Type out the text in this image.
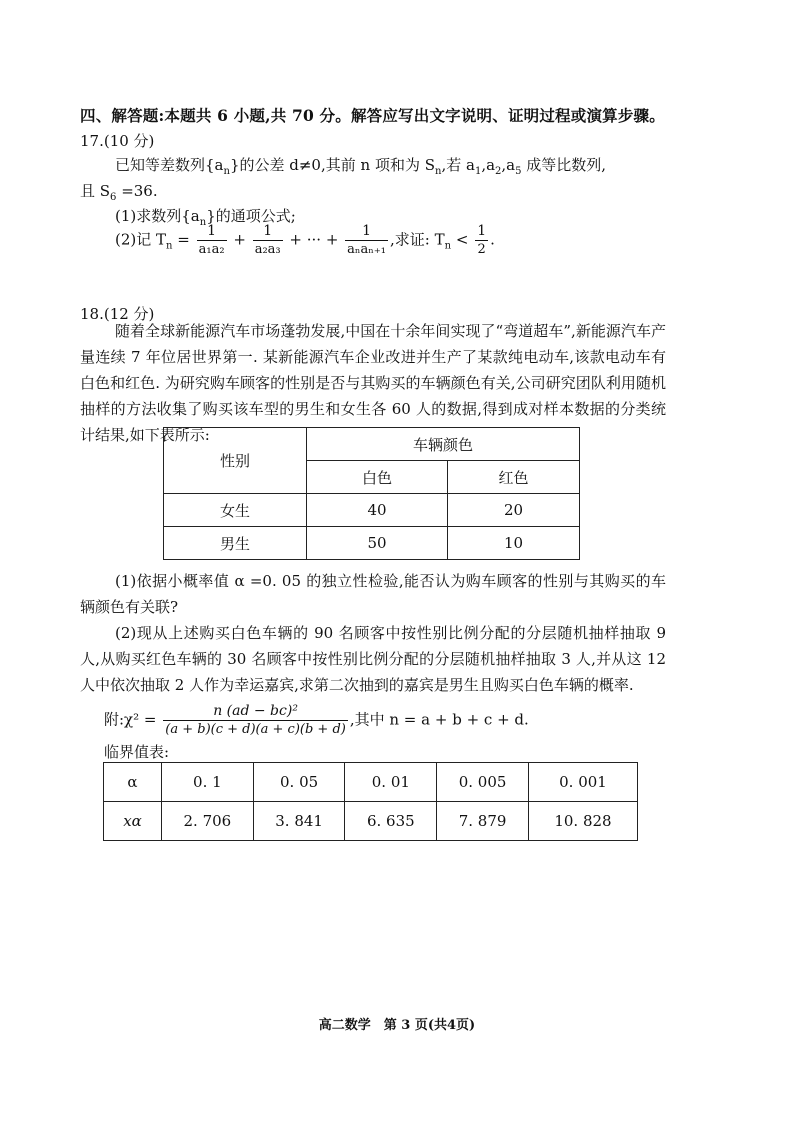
四、解答题:本题共 6 小题,共 70 分。解答应写出文字说明、证明过程或演算步骤。
17.(10 分)
已知等差数列$\{a_n\}$的公差 d≠0,其前 n 项和为 $S_n$,若 $a_1,a_2,a_5$ 成等比数列,
且 $S_6 =36$.
(1)求数列$\{a_n\}$的通项公式;
(2)记 $T_n = \frac{1}{\text{a₁a₂}} + \frac{1}{\text{a₂a₃}}$ + ··· + $\frac{1}{\text{aₙaₙ₊₁}}$ ,求证: $T_n < \frac{1}{2}$ .
18.(12 分)
随着全球新能源汽车市场蓬勃发展,中国在十余年间实现了“弯道超车”,新能源汽车产量连续 7 年位居世界第一. 某新能源汽车企业改进并生产了某款纯电动车,该款电动车有白色和红色. 为研究购车顾客的性别是否与其购买的车辆颜色有关,公司研究团队利用随机抽样的方法收集了购买该车型的男生和女生各 60 人的数据,得到成对样本数据的分类统计结果,如下表所示:
性别	车辆颜色	
	白色	红色
女生	40	20
男生	50	10
(1)依据小概率值 α =0. 05 的独立性检验,能否认为购车顾客的性别与其购买的车辆颜色有关联?
(2)现从上述购买白色车辆的 90 名顾客中按性别比例分配的分层随机抽样抽取 9 人,从购买红色车辆的 30 名顾客中按性别比例分配的分层随机抽样抽取 3 人,并从这 12 人中依次抽取 2 人作为幸运嘉宾,求第二次抽到的嘉宾是男生且购买白色车辆的概率.
附:χ² = $\frac{\text{n (ad − bc)²}}{(a + b)(c + d)(a + c)(b + d)}$ ,其中 n = a + b + c + d.
临界值表:
α	0. 1	0. 05	0. 01	0. 005	0. 001
xα	2. 706	3. 841	6. 635	7. 879	10. 828
高二数学　第 3 页(共4页)
